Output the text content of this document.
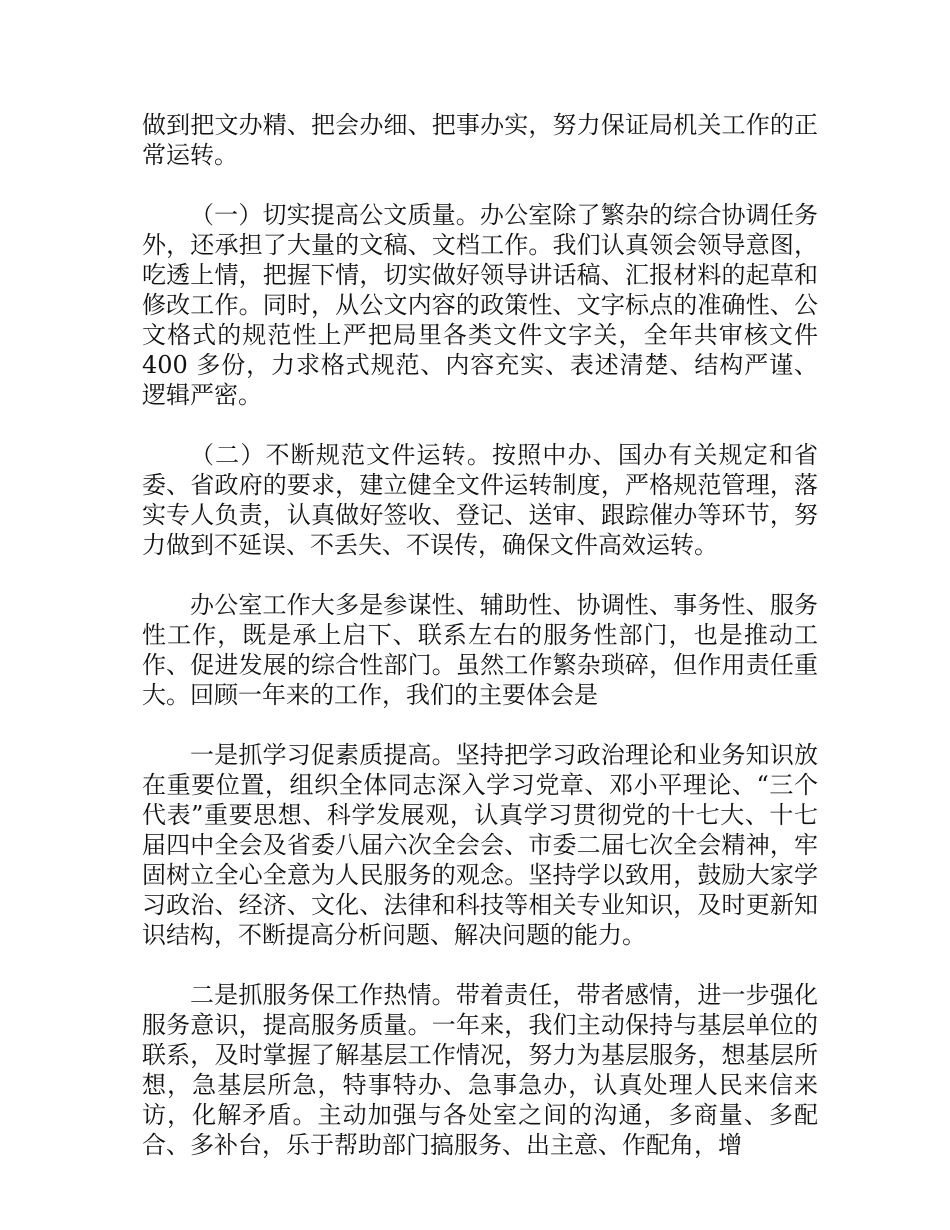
做到把文办精、把会办细、把事办实，努力保证局机关工作的正常运转。

（一）切实提高公文质量。办公室除了繁杂的综合协调任务外，还承担了大量的文稿、文档工作。我们认真领会领导意图，吃透上情，把握下情，切实做好领导讲话稿、汇报材料的起草和修改工作。同时，从公文内容的政策性、文字标点的准确性、公文格式的规范性上严把局里各类文件文字关，全年共审核文件 400 多份，力求格式规范、内容充实、表述清楚、结构严谨、逻辑严密。

（二）不断规范文件运转。按照中办、国办有关规定和省委、省政府的要求，建立健全文件运转制度，严格规范管理，落实专人负责，认真做好签收、登记、送审、跟踪催办等环节，努力做到不延误、不丢失、不误传，确保文件高效运转。

办公室工作大多是参谋性、辅助性、协调性、事务性、服务性工作，既是承上启下、联系左右的服务性部门，也是推动工作、促进发展的综合性部门。虽然工作繁杂琐碎，但作用责任重大。回顾一年来的工作，我们的主要体会是

一是抓学习促素质提高。坚持把学习政治理论和业务知识放在重要位置，组织全体同志深入学习党章、邓小平理论、“三个代表”重要思想、科学发展观，认真学习贯彻党的十七大、十七届四中全会及省委八届六次全会会、市委二届七次全会精神，牢固树立全心全意为人民服务的观念。坚持学以致用，鼓励大家学习政治、经济、文化、法律和科技等相关专业知识，及时更新知识结构，不断提高分析问题、解决问题的能力。

二是抓服务保工作热情。带着责任，带者感情，进一步强化服务意识，提高服务质量。一年来，我们主动保持与基层单位的联系，及时掌握了解基层工作情况，努力为基层服务，想基层所想，急基层所急，特事特办、急事急办，认真处理人民来信来访，化解矛盾。主动加强与各处室之间的沟通，多商量、多配合、多补台，乐于帮助部门搞服务、出主意、作配角，增
